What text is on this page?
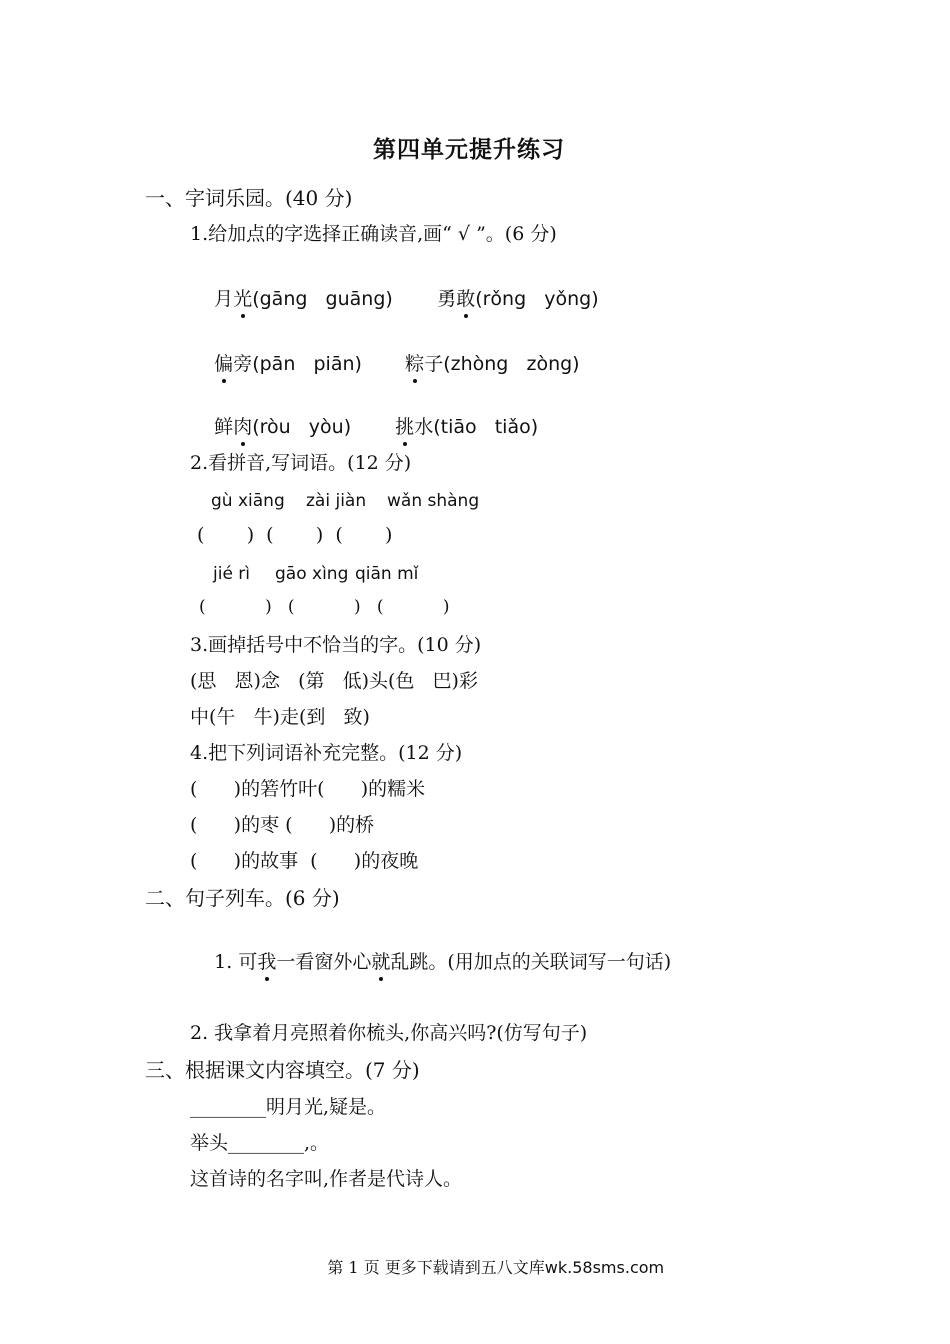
第四单元提升练习
一、字词乐园。(40 分)
1.给加点的字选择正确读音,画“ √ ”。(6 分)

月光(gāng   guāng)
	勇敢(rǒng   yǒng)

偏旁(pān   piān)
	粽子(zhòng   zòng)

鲜肉(ròu   yòu)
	挑水(tiāo   tiǎo)

2.看拼音,写词语。(12 分)
gù xiāng zài jiàn wǎn shàng
(       )  (       )  (       )
jié rì gāo xìng qiān mǐ
(           )   (           )   (           )
3.画掉括号中不恰当的字。(10 分)
(思   恩)念   (第   低)头(色   巴)彩
中(午   牛)走(到   致)
4.把下列词语补充完整。(12 分)
(      )的箬竹叶(      )的糯米
(      )的枣 (      )的桥
(      )的故事  (      )的夜晚
二、句子列车。(6 分)

1. 可我一看窗外心就乱跳。(用加点的关联词写一句话)

2. 我拿着月亮照着你梳头,你高兴吗?(仿写句子)
三、根据课文内容填空。(7 分)
________明月光,疑是。
举头________,。
这首诗的名字叫,作者是代诗人。

第 1 页 更多下载请到五八文库wk.58sms.com
